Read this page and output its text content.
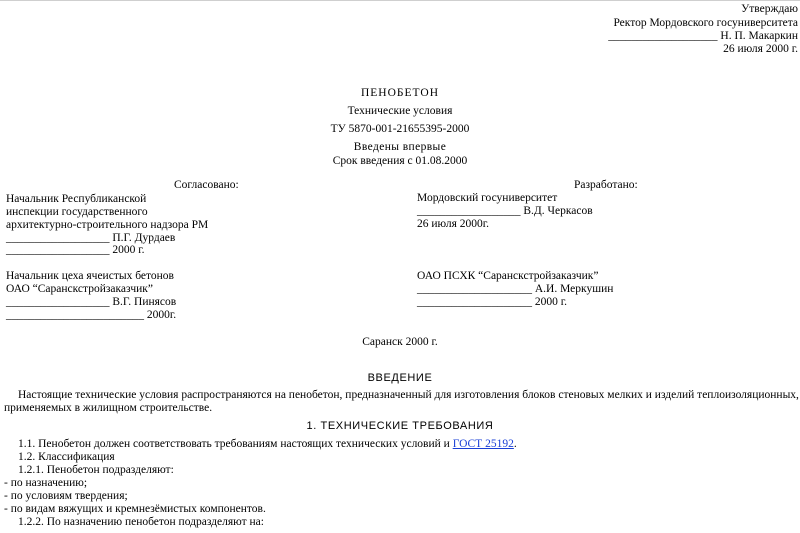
Утверждаю
Ректор Мордовского госуниверситета
___________________ Н. П. Макаркин
26 июля 2000 г.
ПЕНОБЕТОН
Технические условия
ТУ 5870-001-21655395-2000
Введены впервые
Срок введения с 01.08.2000
Согласовано:
Начальник Республиканской
инспекции государственного
архитектурно-строительного надзора РМ
__________________ П.Г. Дурдаев
__________________ 2000 г.
Начальник цеха ячеистых бетонов
ОАО “Саранскстройзаказчик”
__________________ В.Г. Пинясов
________________________ 2000г.
Разработано:
Мордовский госуниверситет
__________________ В.Д. Черкасов
26 июля 2000г.
ОАО ПСХК “Саранскстройзаказчик”
____________________ А.И. Меркушин
____________________ 2000 г.
Саранск 2000 г.
ВВЕДЕНИЕ
Настоящие технические условия распространяются на пенобетон, предназначенный для изготовления блоков стеновых мелких и изделий теплоизоляционных,
применяемых в жилищном строительстве.
1. ТЕХНИЧЕСКИЕ ТРЕБОВАНИЯ
1.1. Пенобетон должен соответствовать требованиям настоящих технических условий и ГОСТ 25192.
1.2. Классификация
1.2.1. Пенобетон подразделяют:
- по назначению;
- по условиям твердения;
- по видам вяжущих и кремнезёмистых компонентов.
1.2.2. По назначению пенобетон подразделяют на:
